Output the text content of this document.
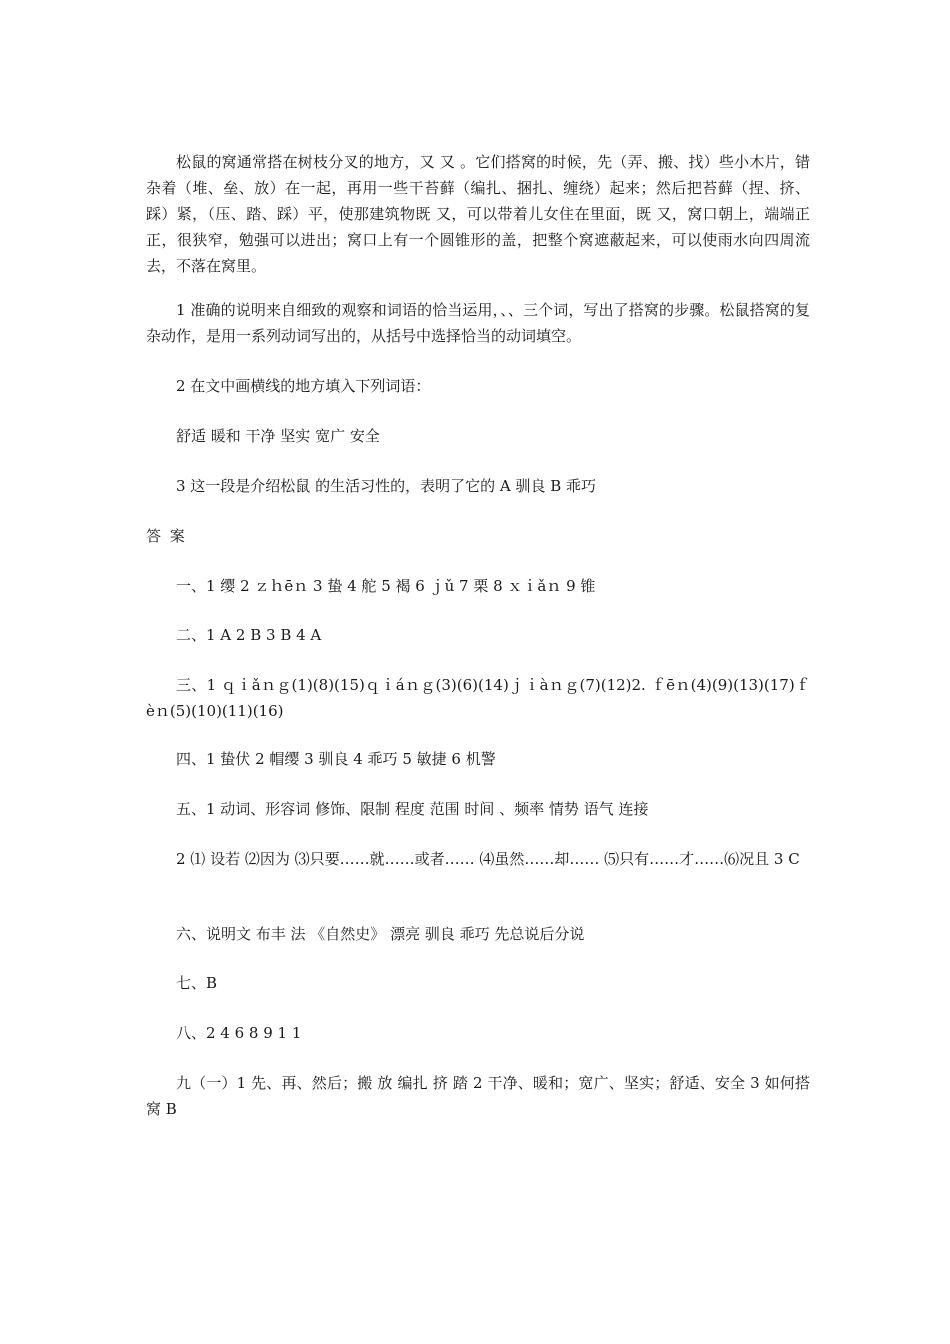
松鼠的窝通常搭在树枝分叉的地方，又 又 。它们搭窝的时候，先（弄、搬、找）些小木片，错杂着（堆、垒、放）在一起，再用一些干苔藓（编扎、捆扎、缠绕）起来；然后把苔藓（捏、挤、踩）紧，（压、踏、踩）平，使那建筑物既 又，可以带着儿女住在里面，既 又，窝口朝上，端端正正，很狭窄，勉强可以进出；窝口上有一个圆锥形的盖，把整个窝遮蔽起来，可以使雨水向四周流去，不落在窝里。

1 准确的说明来自细致的观察和词语的恰当运用，、、三个词，写出了搭窝的步骤。松鼠搭窝的复杂动作，是用一系列动词写出的，从括号中选择恰当的动词填空。

2 在文中画横线的地方填入下列词语：

舒适 暖和 干净 坚实 宽广 安全

3 这一段是介绍松鼠 的生活习性的，表明了它的 A 驯良 B 乖巧

答 案

一、1 缨 2 ｚｈēｎ 3 蛰 4 舵 5 褐 6 ｊǔ 7 栗 8 ｘｉǎｎ 9 锥

二、1 A 2 B 3 B 4 A

三、1 ｑｉǎｎｇ(1)(8)(15)ｑｉáｎｇ(3)(6)(14)ｊｉàｎｇ(7)(12)2. ｆēｎ(4)(9)(13)(17)ｆèｎ(5)(10)(11)(16)

四、1 蛰伏 2 帽缨 3 驯良 4 乖巧 5 敏捷 6 机警

五、1 动词、形容词 修饰、限制 程度 范围 时间 、频率 情势 语气 连接

2 ⑴ 设若 ⑵因为 ⑶只要……就……或者…… ⑷虽然……却…… ⑸只有……才……⑹况且 3 C

六、说明文 布丰 法 《自然史》 漂亮 驯良 乖巧 先总说后分说

七、B

八、2 4 6 8 9 1 1

九（一）1 先、再、然后；搬 放 编扎 挤 踏 2 干净、暖和；宽广、坚实；舒适、安全 3 如何搭窝 B
